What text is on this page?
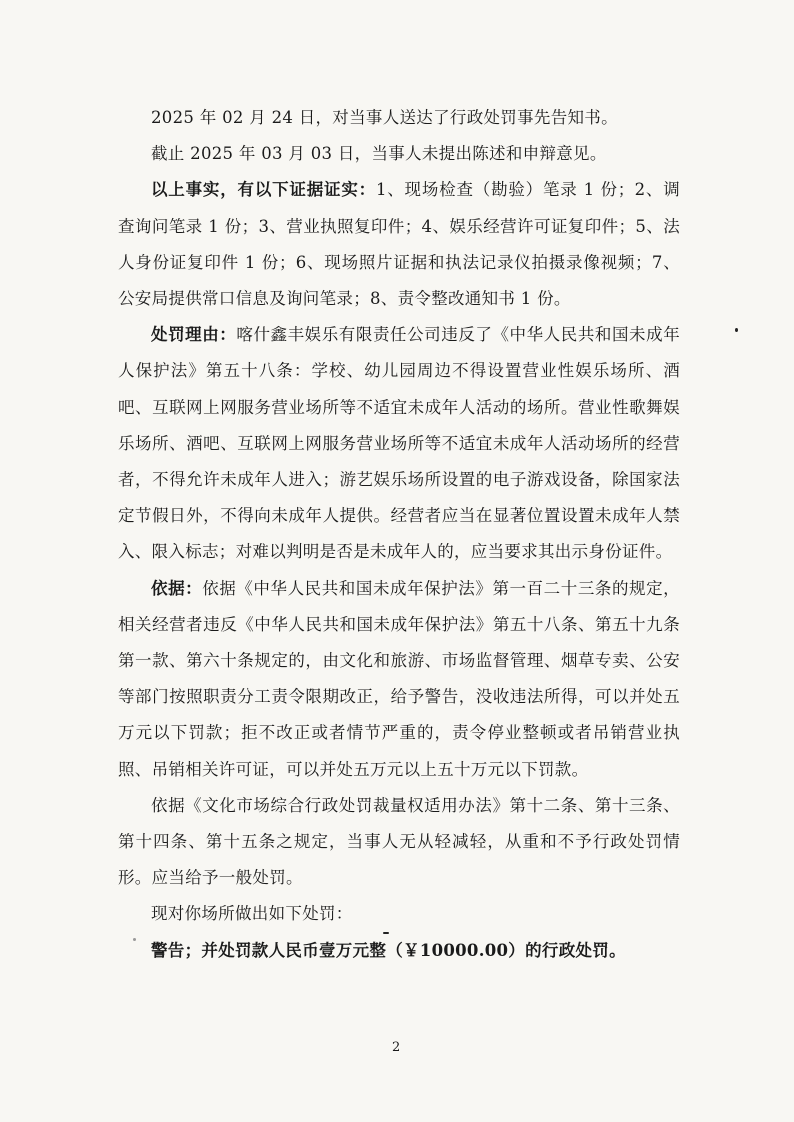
2025 年 02 月 24 日，对当事人送达了行政处罚事先告知书。

截止 2025 年 03 月 03 日，当事人未提出陈述和申辩意见。

以上事实，有以下证据证实：1、现场检查（勘验）笔录 1 份；2、调查询问笔录 1 份；3、营业执照复印件；4、娱乐经营许可证复印件；5、法人身份证复印件 1 份；6、现场照片证据和执法记录仪拍摄录像视频；7、公安局提供常口信息及询问笔录；8、责令整改通知书 1 份。

处罚理由：喀什鑫丰娱乐有限责任公司违反了《中华人民共和国未成年人保护法》第五十八条：学校、幼儿园周边不得设置营业性娱乐场所、酒吧、互联网上网服务营业场所等不适宜未成年人活动的场所。营业性歌舞娱乐场所、酒吧、互联网上网服务营业场所等不适宜未成年人活动场所的经营者，不得允许未成年人进入；游艺娱乐场所设置的电子游戏设备，除国家法定节假日外，不得向未成年人提供。经营者应当在显著位置设置未成年人禁入、限入标志；对难以判明是否是未成年人的，应当要求其出示身份证件。

依据：依据《中华人民共和国未成年保护法》第一百二十三条的规定，相关经营者违反《中华人民共和国未成年保护法》第五十八条、第五十九条第一款、第六十条规定的，由文化和旅游、市场监督管理、烟草专卖、公安等部门按照职责分工责令限期改正，给予警告，没收违法所得，可以并处五万元以下罚款；拒不改正或者情节严重的，责令停业整顿或者吊销营业执照、吊销相关许可证，可以并处五万元以上五十万元以下罚款。

依据《文化市场综合行政处罚裁量权适用办法》第十二条、第十三条、第十四条、第十五条之规定，当事人无从轻减轻，从重和不予行政处罚情形。应当给予一般处罚。

现对你场所做出如下处罚：

警告；并处罚款人民币壹万元整（￥10000.00）的行政处罚。

2
